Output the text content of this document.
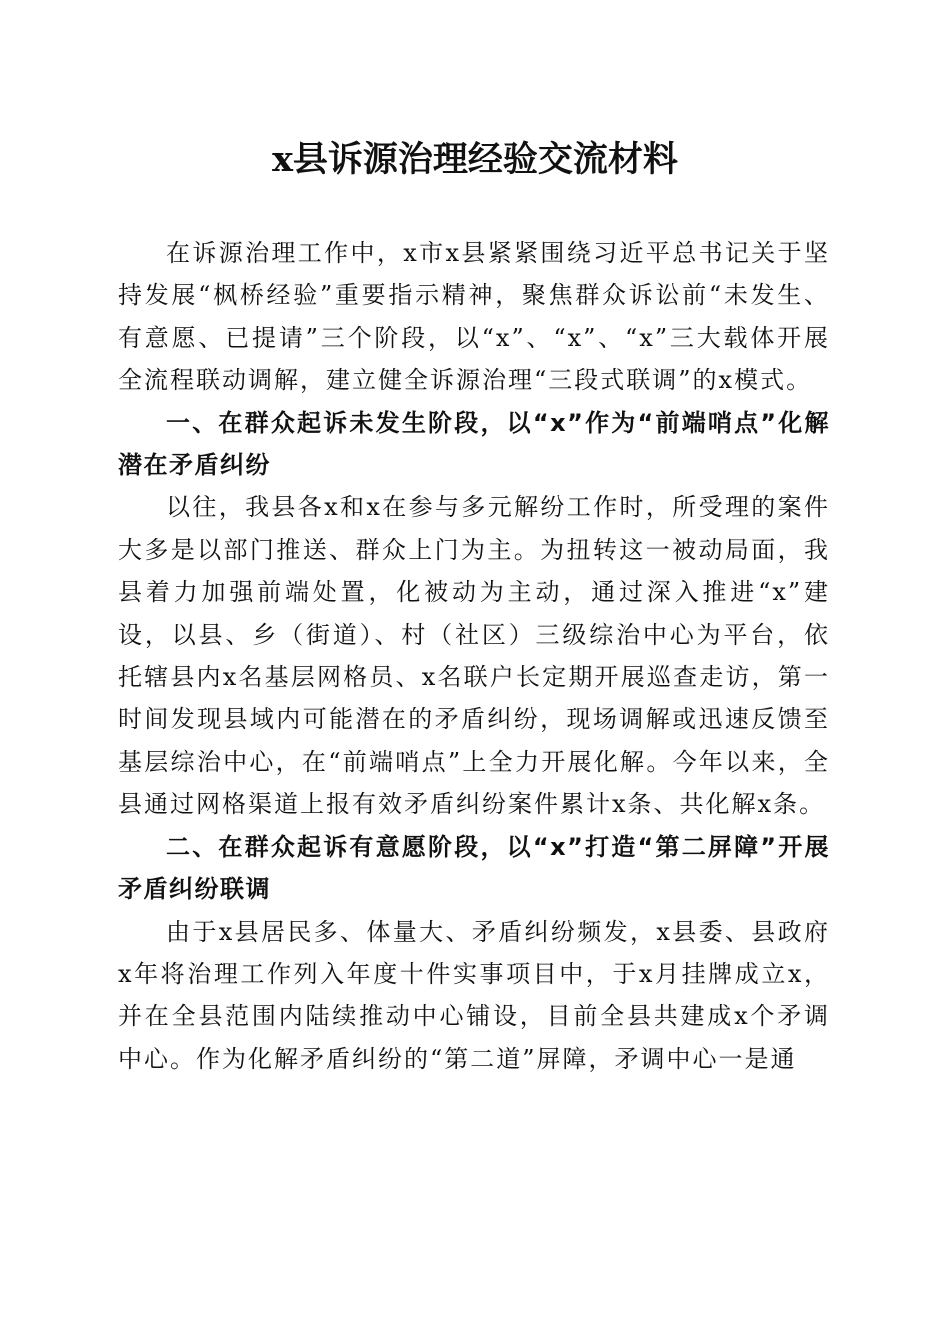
x县诉源治理经验交流材料

在诉源治理工作中，x市x县紧紧围绕习近平总书记关于坚持发展“枫桥经验”重要指示精神，聚焦群众诉讼前“未发生、有意愿、已提请”三个阶段，以“x”、“x”、“x”三大载体开展全流程联动调解，建立健全诉源治理“三段式联调”的x模式。

一、在群众起诉未发生阶段，以“x”作为“前端哨点”化解潜在矛盾纠纷

以往，我县各x和x在参与多元解纷工作时，所受理的案件大多是以部门推送、群众上门为主。为扭转这一被动局面，我县着力加强前端处置，化被动为主动，通过深入推进“x”建设，以县、乡（街道）、村（社区）三级综治中心为平台，依托辖县内x名基层网格员、x名联户长定期开展巡查走访，第一时间发现县域内可能潜在的矛盾纠纷，现场调解或迅速反馈至基层综治中心，在“前端哨点”上全力开展化解。今年以来，全县通过网格渠道上报有效矛盾纠纷案件累计x条、共化解x条。

二、在群众起诉有意愿阶段，以“x”打造“第二屏障”开展矛盾纠纷联调

由于x县居民多、体量大、矛盾纠纷频发，x县委、县政府x年将治理工作列入年度十件实事项目中，于x月挂牌成立x，并在全县范围内陆续推动中心铺设，目前全县共建成x个矛调中心。作为化解矛盾纠纷的“第二道”屏障，矛调中心一是通
